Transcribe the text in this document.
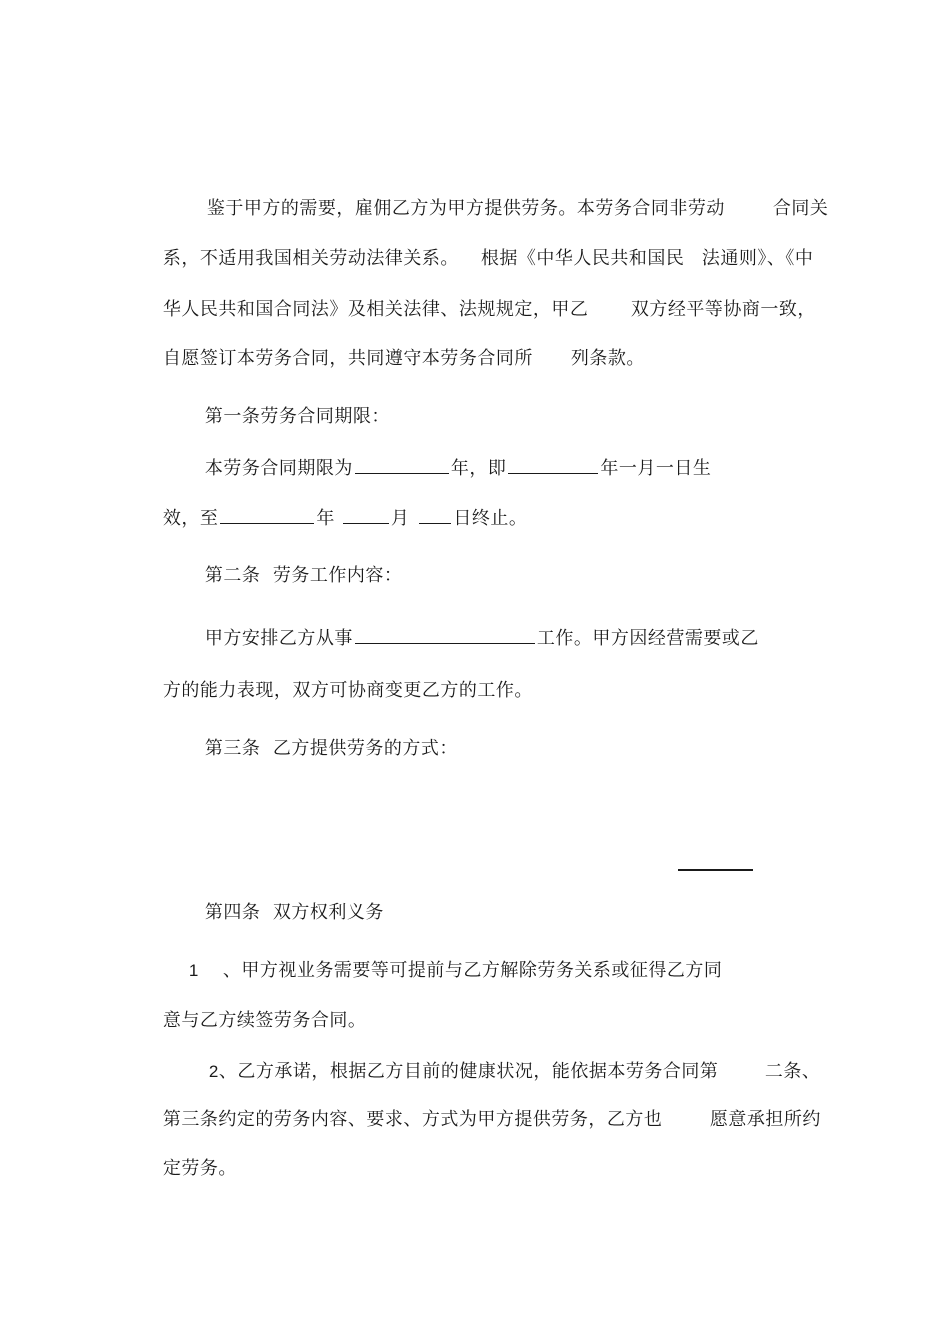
鉴于甲方的需要，雇佣乙方为甲方提供劳务。本劳务合同非劳动
	合同关

系，不适用我国相关劳动法律关系。
	根据《中华人民共和国民
法通则》、《中

华人民共和国合同法》及相关法律、法规规定，甲乙
	双方经平等协商一致，

自愿签订本劳务合同，共同遵守本劳务合同所
	列条款。

第一条劳务合同期限：

本劳务合同期限为	年，即	年一月一日生

效，至	年	月 日终止。

第二条  劳务工作内容：

甲方安排乙方从事	工作。甲方因经营需要或乙

方的能力表现，双方可协商变更乙方的工作。

第三条  乙方提供劳务的方式：

第四条  双方权利义务

1 、甲方视业务需要等可提前与乙方解除劳务关系或征得乙方同

意与乙方续签劳务合同。

2、乙方承诺，根据乙方目前的健康状况，能依据本劳务合同第
	二条、

第三条约定的劳务内容、要求、方式为甲方提供劳务，乙方也
	愿意承担所约

定劳务。
